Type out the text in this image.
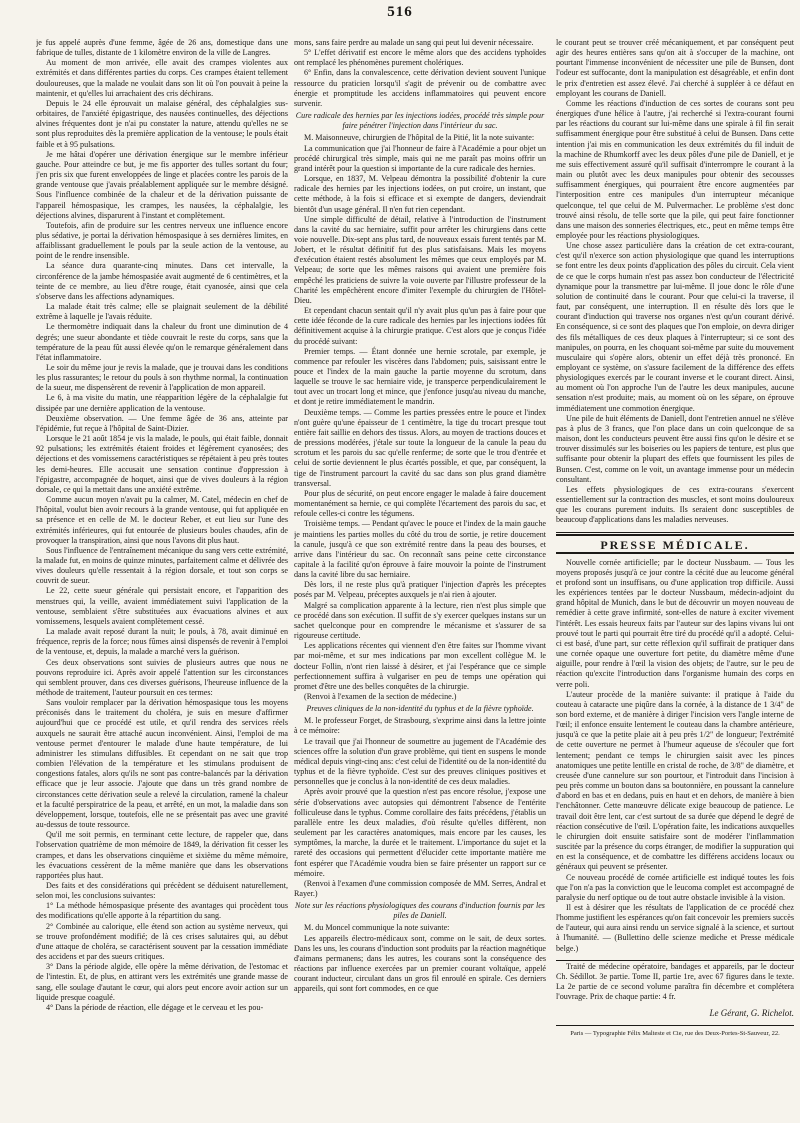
516

je fus appelé auprès d'une femme, âgée de 26 ans, domestique dans une fabrique de tulles, distante de 1 kilomètre environ de la ville de Langres.

Au moment de mon arrivée, elle avait des crampes violentes aux extrémités et dans différentes parties du corps. Ces crampes étaient tellement douloureuses, que la malade ne voulait dans son lit où l'on pouvait à peine la maintenir, et qu'elles lui arrachaient des cris déchirans.

Depuis le 24 elle éprouvait un malaise général, des céphalalgies sus-orbitaires, de l'anxiété épigastrique, des nausées continuelles, des déjections alvines fréquentes dont je n'ai pu constater la nature, attendu qu'elles ne se sont plus reproduites dès la première application de la ventouse; le pouls était faible et à 95 pulsations.

Je me hâtai d'opérer une dérivation énergique sur le membre inférieur gauche. Pour atteindre ce but, je me fis apporter des tulles sortant du four; j'en pris six que furent enveloppées de linge et placées contre les parois de la grande ventouse que j'avais préalablement appliquée sur le membre désigné. Sous l'influence combinée de la chaleur et de la dérivation puissante de l'appareil hémospasique, les crampes, les nausées, la céphalalgie, les déjections alvines, disparurent à l'instant et complètement.

Toutefois, afin de produire sur les centres nerveux une influence encore plus sédative, je portai la dérivation hémospasique à ses dernières limites, en affaiblissant graduellement le pouls par la seule action de la ventouse, au point de le rendre insensible.

La séance dura quarante-cinq minutes. Dans cet intervalle, la circonférence de la jambe hémospasiée avait augmenté de 6 centimètres, et la teinte de ce membre, au lieu d'être rouge, était cyanosée, ainsi que cela s'observe dans les affections adynamiques.

La malade était très calme; elle se plaignait seulement de la débilité extrême à laquelle je l'avais réduite.

Le thermomètre indiquait dans la chaleur du front une diminution de 4 degrés; une sueur abondante et tiède couvrait le reste du corps, sans que la température de la peau fût aussi élevée qu'on le remarque généralement dans l'état inflammatoire.

Le soir du même jour je revis la malade, que je trouvai dans les conditions les plus rassurantes; le retour du pouls à son rhythme normal, la continuation de la sueur, me dispensèrent de revenir à l'application de mon appareil.

Le 6, à ma visite du matin, une réapparition légère de la céphalalgie fut dissipée par une dernière application de la ventouse.

Deuxième observation. — Une femme âgée de 36 ans, atteinte par l'épidémie, fut reçue à l'hôpital de Saint-Dizier.

Lorsque le 21 août 1854 je vis la malade, le pouls, qui était faible, donnait 92 pulsations; les extrémités étaient froides et légèrement cyanosées; des déjections et des vomissemens caractéristiques se répétaient à peu près toutes les demi-heures. Elle accusait une sensation continue d'oppression à l'épigastre, accompagnée de hoquet, ainsi que de vives douleurs à la région dorsale, ce qui la mettait dans une anxiété extrême.

Comme aucun moyen n'avait pu la calmer, M. Catel, médecin en chef de l'hôpital, voulut bien avoir recours à la grande ventouse, qui fut appliquée en sa présence et en celle de M. le docteur Reber, et eut lieu sur l'une des extrémités inférieures, qui fut entourée de plusieurs boules chaudes, afin de provoquer la transpiration, ainsi que nous l'avons dit plus haut.

Sous l'influence de l'entraînement mécanique du sang vers cette extrémité, la malade fut, en moins de quinze minutes, parfaitement calme et délivrée des vives douleurs qu'elle ressentait à la région dorsale, et tout son corps se couvrit de sueur.

Le 22, cette sueur générale qui persistait encore, et l'apparition des menstrues qui, la veille, avaient immédiatement suivi l'application de la ventouse, semblaient s'être substituées aux évacuations alvines et aux vomissemens, lesquels avaient complètement cessé.

La malade avait reposé durant la nuit; le pouls, à 78, avait diminué en fréquence, repris de la force; nous fûmes ainsi dispensés de revenir à l'emploi de la ventouse, et, depuis, la malade a marché vers la guérison.

Ces deux observations sont suivies de plusieurs autres que nous ne pouvons reproduire ici. Après avoir appelé l'attention sur les circonstances qui semblent prouver, dans ces diverses guérisons, l'heureuse influence de la méthode de traitement, l'auteur poursuit en ces termes:

Sans vouloir remplacer par la dérivation hémospasique tous les moyens préconisés dans le traitement du choléra, je suis en mesure d'affirmer aujourd'hui que ce procédé est utile, et qu'il rendra des services réels auxquels ne saurait être attaché aucun inconvénient. Ainsi, l'emploi de ma ventouse permet d'entourer le malade d'une haute température, de lui administrer les stimulans diffusibles. Et cependant on ne sait que trop combien l'élévation de la température et les stimulans produisent de congestions fatales, alors qu'ils ne sont pas contre-balancés par la dérivation efficace que je leur associe. J'ajoute que dans un très grand nombre de circonstances cette dérivation seule a relevé la circulation, ramené la chaleur et la faculté perspiratrice de la peau, et arrêté, en un mot, la maladie dans son développement, lorsque, toutefois, elle ne se présentait pas avec une gravité au-dessus de toute ressource.

Qu'il me soit permis, en terminant cette lecture, de rappeler que, dans l'observation quatrième de mon mémoire de 1849, la dérivation fit cesser les crampes, et dans les observations cinquième et sixième du même mémoire, les évacuations cessèrent de la même manière que dans les observations rapportées plus haut.

Des faits et des considérations qui précèdent se déduisent naturellement, selon moi, les conclusions suivantes:

1° La méthode hémospasique présente des avantages qui procèdent tous des modifications qu'elle apporte à la répartition du sang.

2° Combinée au calorique, elle étend son action au système nerveux, qui se trouve profondément modifié; de là ces crises salutaires qui, au début d'une attaque de choléra, se caractérisent souvent par la cessation immédiate des accidens et par des sueurs critiques.

3° Dans la période algide, elle opère la même dérivation, de l'estomac et de l'intestin. Et, de plus, en attirant vers les extrémités une grande masse de sang, elle soulage d'autant le cœur, qui alors peut encore avoir action sur un liquide presque coagulé.

4° Dans la période de réaction, elle dégage et le cerveau et les pou-

mons, sans faire perdre au malade un sang qui peut lui devenir nécessaire.

5° L'effet dérivatif est encore le même alors que des accidens typhoïdes ont remplacé les phénomènes purement cholériques.

6° Enfin, dans la convalescence, cette dérivation devient souvent l'unique ressource du praticien lorsqu'il s'agit de prévenir ou de combattre avec énergie et promptitude les accidens inflammatoires qui peuvent encore survenir.

Cure radicale des hernies par les injections iodées, procédé très simple pour faire pénétrer l'injection dans l'intérieur du sac.

M. Maisonneuve, chirurgien de l'hôpital de la Pitié, lit la note suivante:

La communication que j'ai l'honneur de faire à l'Académie a pour objet un procédé chirurgical très simple, mais qui ne me paraît pas moins offrir un grand intérêt pour la question si importante de la cure radicale des hernies.

Lorsque, en 1837, M. Velpeau démontra la possibilité d'obtenir la cure radicale des hernies par les injections iodées, on put croire, un instant, que cette méthode, à la fois si efficace et si exempte de dangers, deviendrait bientôt d'un usage général. Il n'en fut rien cependant.

Une simple difficulté de détail, relative à l'introduction de l'instrument dans la cavité du sac herniaire, suffit pour arrêter les chirurgiens dans cette voie nouvelle. Dix-sept ans plus tard, de nouveaux essais furent tentés par M. Jobert, et le résultat définitif fut des plus satisfaisans. Mais les moyens d'exécution étaient restés absolument les mêmes que ceux employés par M. Velpeau; de sorte que les mêmes raisons qui avaient une première fois empêché les praticiens de suivre la voie ouverte par l'illustre professeur de la Charité les empêchèrent encore d'imiter l'exemple du chirurgien de l'Hôtel-Dieu.

Et cependant chacun sentait qu'il n'y avait plus qu'un pas à faire pour que cette idée féconde de la cure radicale des hernies par les injections iodées fût définitivement acquise à la chirurgie pratique. C'est alors que je conçus l'idée du procédé suivant:

Premier temps. — Étant donnée une hernie scrotale, par exemple, je commence par refouler les viscères dans l'abdomen; puis, saisissant entre le pouce et l'index de la main gauche la partie moyenne du scrotum, dans laquelle se trouve le sac herniaire vide, je transperce perpendiculairement le tout avec un trocart long et mince, que j'enfonce jusqu'au niveau du manche, et dont je retire immédiatement le mandrin.

Deuxième temps. — Comme les parties pressées entre le pouce et l'index n'ont guère qu'une épaisseur de 1 centimètre, la tige du trocart presque tout entière fait saillie en dehors des tissus. Alors, au moyen de tractions douces et de pressions modérées, j'étale sur toute la longueur de la canule la peau du scrotum et les parois du sac qu'elle renferme; de sorte que le trou d'entrée et celui de sortie deviennent le plus écartés possible, et que, par conséquent, la tige de l'instrument parcourt la cavité du sac dans son plus grand diamètre transversal.

Pour plus de sécurité, on peut encore engager le malade à faire doucement momentanément sa hernie, ce qui complète l'écartement des parois du sac, et refoule celles-ci contre les tégumens.

Troisième temps. — Pendant qu'avec le pouce et l'index de la main gauche je maintiens les parties molles du côté du trou de sortie, je retire doucement la canule, jusqu'à ce que son extrémité rentre dans la peau des bourses, et arrive dans l'intérieur du sac. On reconnaît sans peine cette circonstance capitale à la facilité qu'on éprouve à faire mouvoir la pointe de l'instrument dans la cavité libre du sac herniaire.

Dès lors, il ne reste plus qu'à pratiquer l'injection d'après les préceptes posés par M. Velpeau, préceptes auxquels je n'ai rien à ajouter.

Malgré sa complication apparente à la lecture, rien n'est plus simple que ce procédé dans son exécution. Il suffit de s'y exercer quelques instans sur un sachet quelconque pour en comprendre le mécanisme et s'assurer de sa rigoureuse certitude.

Les applications récentes qui viennent d'en être faites sur l'homme vivant par moi-même, et sur mes indications par mon excellent collègue M. le docteur Follin, n'ont rien laissé à désirer, et j'ai l'espérance que ce simple perfectionnement suffira à vulgariser en peu de temps une opération qui promet d'être une des belles conquêtes de la chirurgie.

(Renvoi à l'examen de la section de médecine.)

Preuves cliniques de la non-identité du typhus et de la fièvre typhoïde.

M. le professeur Forget, de Strasbourg, s'exprime ainsi dans la lettre jointe à ce mémoire:

Le travail que j'ai l'honneur de soumettre au jugement de l'Académie des sciences offre la solution d'un grave problème, qui tient en suspens le monde médical depuis vingt-cinq ans: c'est celui de l'identité ou de la non-identité du typhus et de la fièvre typhoïde. C'est sur des preuves cliniques positives et personnelles que je conclus à la non-identité de ces deux maladies.

Après avoir prouvé que la question n'est pas encore résolue, j'expose une série d'observations avec autopsies qui démontrent l'absence de l'entérite folliculeuse dans le typhus. Comme corollaire des faits précédens, j'établis un parallèle entre les deux maladies, d'où résulte qu'elles diffèrent, non seulement par les caractères anatomiques, mais encore par les causes, les symptômes, la marche, la durée et le traitement. L'importance du sujet et la rareté des occasions qui permettent d'élucider cette importante matière me font espérer que l'Académie voudra bien se faire présenter un rapport sur ce mémoire.

(Renvoi à l'examen d'une commission composée de MM. Serres, Andral et Rayer.)

Note sur les réactions physiologiques des courans d'induction fournis par les piles de Daniell.

M. du Moncel communique la note suivante:

Les appareils électro-médicaux sont, comme on le sait, de deux sortes. Dans les uns, les courans d'induction sont produits par la réaction magnétique d'aimans permanens; dans les autres, les courans sont la conséquence des réactions par influence exercées par un premier courant voltaïque, appelé courant inducteur, circulant dans un gros fil enroulé en spirale. Ces derniers appareils, qui sont fort commodes, en ce que

le courant peut se trouver créé mécaniquement, et par conséquent peut agir des heures entières sans qu'on ait à s'occuper de la machine, ont pourtant l'immense inconvénient de nécessiter une pile de Bunsen, dont l'odeur est suffocante, dont la manipulation est désagréable, et enfin dont le prix d'entretien est assez élevé. J'ai cherché à suppléer à ce défaut en employant les courans de Daniell.

Comme les réactions d'induction de ces sortes de courans sont peu énergiques d'une hélice à l'autre, j'ai recherché si l'extra-courant fourni par les réactions du courant sur lui-même dans une spirale à fil fin serait suffisamment énergique pour être substitué à celui de Bunsen. Dans cette intention j'ai mis en communication les deux extrémités du fil induit de la machine de Rhumkorff avec les deux pôles d'une pile de Daniell, et je me suis effectivement assuré qu'il suffisait d'interrompre le courant à la main ou plutôt avec les deux manipules pour obtenir des secousses suffisamment énergiques, qui pourraient être encore augmentées par l'interposition entre ces manipules d'un interrupteur mécanique quelconque, tel que celui de M. Pulvermacher. Le problème s'est donc trouvé ainsi résolu, de telle sorte que la pile, qui peut faire fonctionner dans une maison des sonneries électriques, etc., peut en même temps être employée pour les réactions physiologiques.

Une chose assez particulière dans la création de cet extra-courant, c'est qu'il n'exerce son action physiologique que quand les interruptions se font entre les deux points d'application des pôles du circuit. Cela vient de ce que le corps humain n'est pas assez bon conducteur de l'électricité dynamique pour la transmettre par lui-même. Il joue donc le rôle d'une solution de continuité dans le courant. Pour que celui-ci la traverse, il faut, par conséquent, une interruption. Il en résulte dès lors que le courant d'induction qui traverse nos organes n'est qu'un courant dérivé. En conséquence, si ce sont des plaques que l'on emploie, on devra diriger des fils métalliques de ces deux plaques à l'interrupteur; si ce sont des manipules, on pourra, en les choquant soi-même par suite du mouvement musculaire qui s'opère alors, obtenir un effet déjà très prononcé. En employant ce système, on s'assure facilement de la différence des effets physiologiques exercés par le courant inverse et le courant direct. Ainsi, au moment où l'on approche l'un de l'autre les deux manipules, aucune sensation n'est produite; mais, au moment où on les sépare, on éprouve immédiatement une commotion énergique.

Une pile de huit éléments de Daniell, dont l'entretien annuel ne s'élève pas à plus de 3 francs, que l'on place dans un coin quelconque de sa maison, dont les conducteurs peuvent être aussi fins qu'on le désire et se trouver dissimulés sur les boiseries ou les papiers de tenture, est plus que suffisante pour obtenir la plupart des effets que fournissent les piles de Bunsen. C'est, comme on le voit, un avantage immense pour un médecin consultant.

Les effets physiologiques de ces extra-courans s'exercent essentiellement sur la contraction des muscles, et sont moins douloureux que les courans purement induits. Ils seraient donc susceptibles de beaucoup d'applications dans les maladies nerveuses.

PRESSE MÉDICALE.

Nouvelle cornée artificielle; par le docteur Nussbaum. — Tous les moyens proposés jusqu'à ce jour contre la cécité due au leucome général et profond sont un insuffisans, ou d'une application trop difficile. Aussi les expériences tentées par le docteur Nussbaum, médecin-adjoint du grand hôpital de Munich, dans le but de découvrir un moyen nouveau de remédier à cette grave infirmité, sont-elles de nature à exciter vivement l'intérêt. Les essais heureux faits par l'auteur sur des lapins vivans lui ont prouvé tout le parti qui pourrait être tiré du procédé qu'il a adopté. Celui-ci est basé, d'une part, sur cette réflexion qu'il suffirait de pratiquer dans une cornée opaque une ouverture fort petite, du diamètre même d'une aiguille, pour rendre à l'œil la vision des objets; de l'autre, sur le peu de réaction qu'excite l'introduction dans l'organisme humain des corps en verre poli.

L'auteur procède de la manière suivante: il pratique à l'aide du couteau à cataracte une piqûre dans la cornée, à la distance de 1 3/4" de son bord externe, et de manière à diriger l'incision vers l'angle interne de l'œil; il enfonce ensuite lentement le couteau dans la chambre antérieure, jusqu'à ce que la petite plaie ait à peu près 1/2" de longueur; l'extrémité de cette ouverture ne permet à l'humeur aqueuse de s'écouler que fort lentement; pendant ce temps le chirurgien saisit avec les pinces anatomiques une petite lentille en cristal de roche, de 3/8" de diamètre, et creusée d'une cannelure sur son pourtour, et l'introduit dans l'incision à peu près comme un bouton dans sa boutonnière, en poussant la cannelure d'abord en bas et en dedans, puis en haut et en dehors, de manière à bien l'enchâtonner. Cette manœuvre délicate exige beaucoup de patience. Le travail doit être lent, car c'est surtout de sa durée que dépend le degré de réaction consécutive de l'œil. L'opération faite, les indications auxquelles le chirurgien doit ensuite satisfaire sont de modérer l'inflammation suscitée par la présence du corps étranger, de modifier la suppuration qui en est la conséquence, et de combattre les différens accidens locaux ou généraux qui peuvent se présenter.

Ce nouveau procédé de cornée artificielle est indiqué toutes les fois que l'on n'a pas la conviction que le leucoma complet est accompagné de paralysie du nerf optique ou de tout autre obstacle invisible à la vision.

Il est à désirer que les résultats de l'application de ce procédé chez l'homme justifient les espérances qu'on fait concevoir les premiers succès de l'auteur, qui aura ainsi rendu un service signalé à la science, et surtout à l'humanité. — (Bullettino delle scienze mediche et Presse médicale belge.)

Traité de médecine opératoire, bandages et appareils, par le docteur Ch. Sédillot. 3e partie. Tome II, partie 1re, avec 67 figures dans le texte. La 2e partie de ce second volume paraîtra fin décembre et complétera l'ouvrage. Prix de chaque partie: 4 fr.

Le Gérant, G. Richelot.

Paris — Typographie Félix Malteste et Cie, rue des Deux-Portes-St-Sauveur, 22.
